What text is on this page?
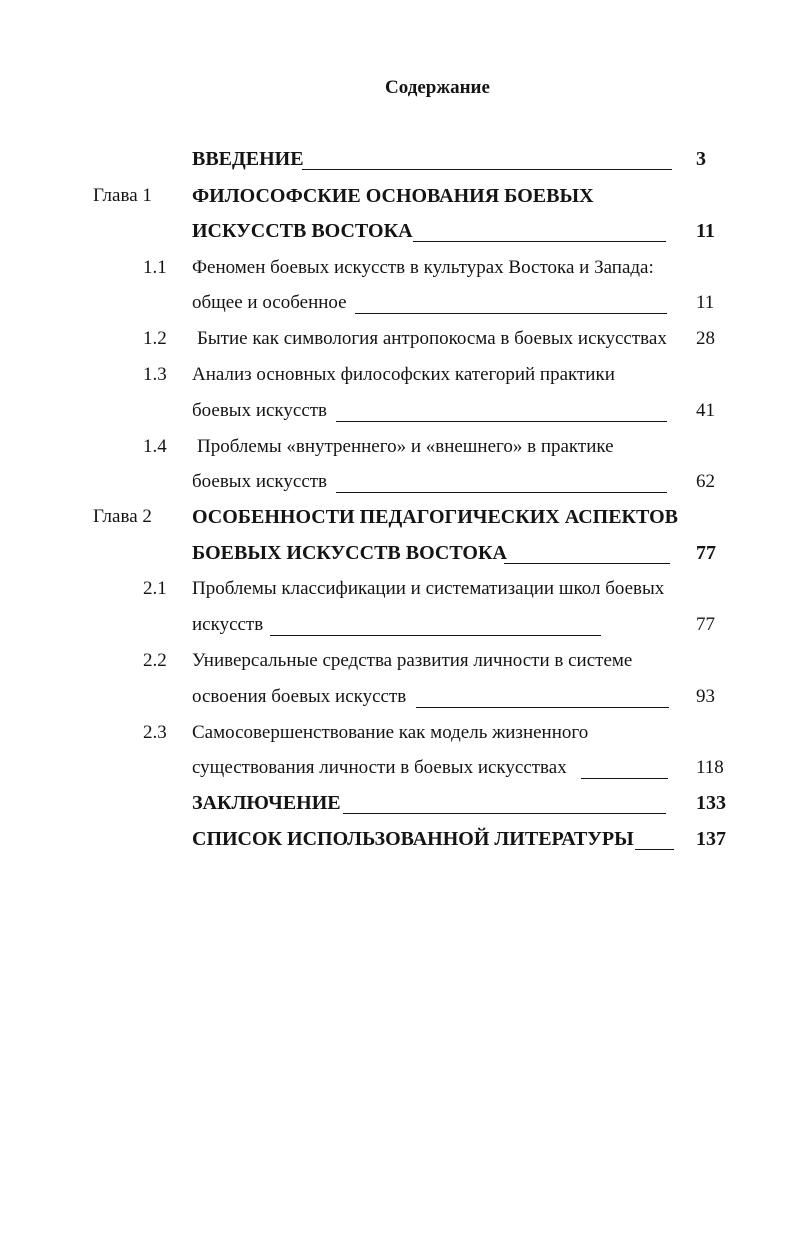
Содержание
ВВЕДЕНИЕ	3
Глава 1 ФИЛОСОФСКИЕ ОСНОВАНИЯ БОЕВЫХ
ИСКУССТВ ВОСТОКА	11
1.1 Феномен боевых искусств в культурах Востока и Запада:
общее и особенное	11
1.2 Бытие как симвология антропокосма в боевых искусствах 28
1.3 Анализ основных философских категорий практики
боевых искусств	41
1.4 Проблемы «внутреннего» и «внешнего» в практике
боевых искусств	62
Глава 2 ОСОБЕННОСТИ ПЕДАГОГИЧЕСКИХ АСПЕКТОВ
БОЕВЫХ ИСКУССТВ ВОСТОКА	77
2.1 Проблемы классификации и систематизации школ боевых
искусств	77
2.2 Универсальные средства развития личности в системе
освоения боевых искусств	93
2.3 Самосовершенствование как модель жизненного
существования личности в боевых искусствах	118
ЗАКЛЮЧЕНИЕ	133
СПИСОК ИСПОЛЬЗОВАННОЙ ЛИТЕРАТУРЫ	137
